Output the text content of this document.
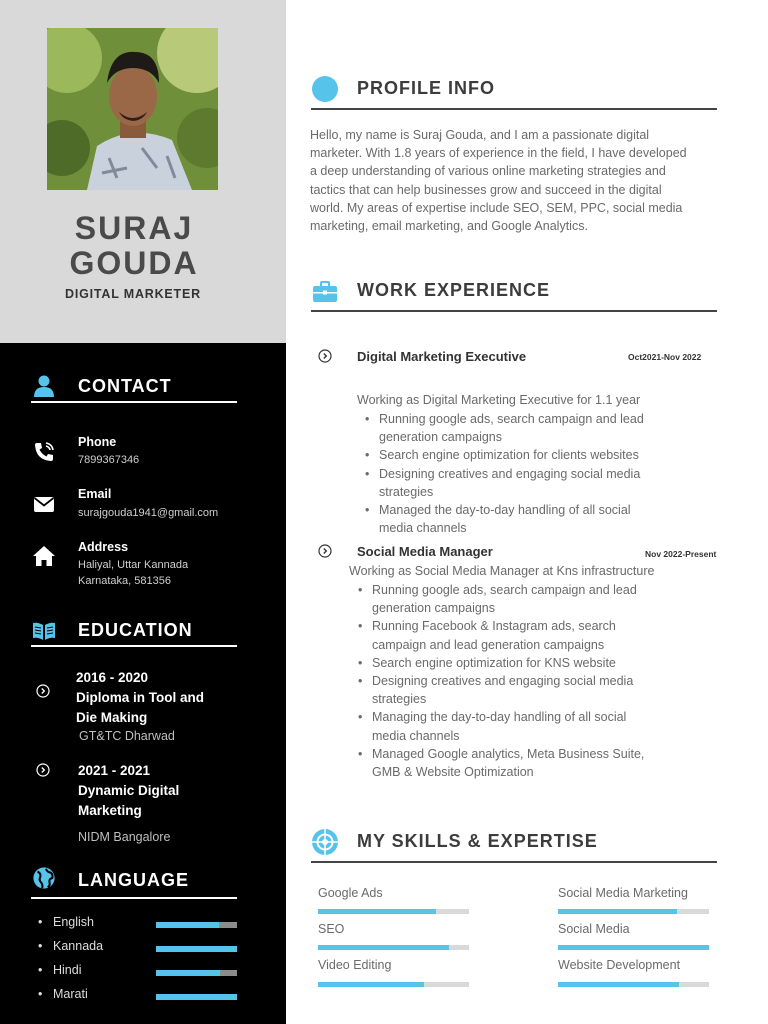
SURAJ
GOUDA
DIGITAL MARKETER
CONTACT
Phone
7899367346
Email
surajgouda1941@gmail.com
Address
Haliyal, Uttar Kannada
Karnataka, 581356
EDUCATION
2016 - 2020
Diploma in Tool and
Die Making
GT&TC Dharwad
2021 - 2021
Dynamic Digital
Marketing
NIDM Bangalore
LANGUAGE
• English
• Kannada
• Hindi
• Marati
PROFILE INFO
Hello, my name is Suraj Gouda, and I am a passionate digital marketer. With 1.8 years of experience in the field, I have developed a deep understanding of various online marketing strategies and tactics that can help businesses grow and succeed in the digital world. My areas of expertise include SEO, SEM, PPC, social media marketing, email marketing, and Google Analytics.
WORK EXPERIENCE
Digital Marketing Executive	Oct2021-Nov 2022
Working as Digital Marketing Executive for 1.1 year
• Running google ads, search campaign and lead generation campaigns
• Search engine optimization for clients websites
• Designing creatives and engaging social media strategies
• Managed the day-to-day handling of all social media channels
Social Media Manager	Nov 2022-Present
Working as Social Media Manager at Kns infrastructure
• Running google ads, search campaign and lead generation campaigns
• Running Facebook & Instagram ads, search campaign and lead generation campaigns
• Search engine optimization for KNS website
• Designing creatives and engaging social media strategies
• Managing the day-to-day handling of all social media channels
• Managed Google analytics, Meta Business Suite, GMB & Website Optimization
MY SKILLS & EXPERTISE
Google Ads	Social Media Marketing
SEO	Social Media
Video Editing	Website Development
